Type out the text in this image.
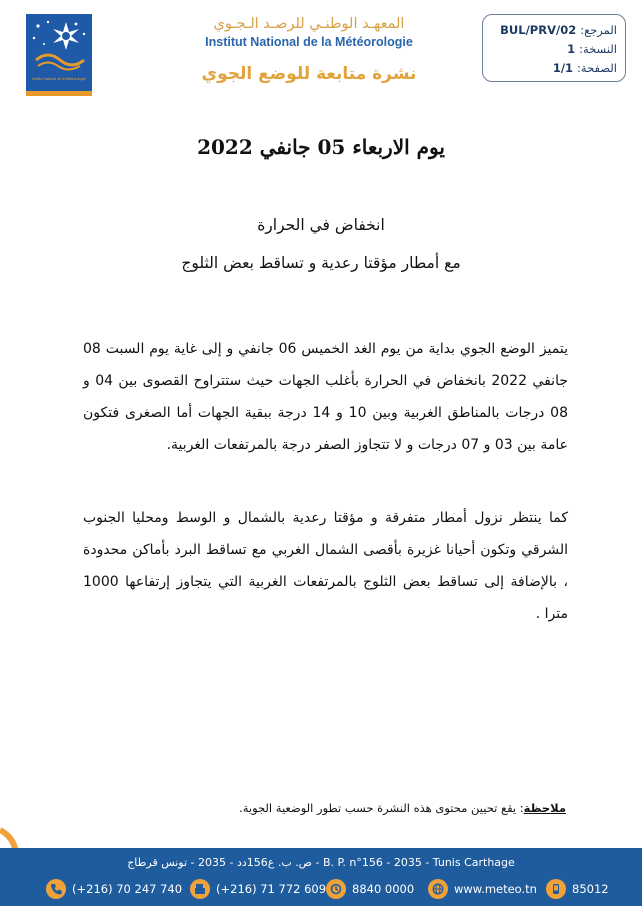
Institut National de la Météorologie
المعهـد الوطنـي للرصـد الـجـوي
Institut National de la Météorologie
نشرة متابعة للوضع الجوي
المرجع:
BUL/PRV/02
النسخة:
1
الصفحة:
1/1
يوم الاربعاء 05 جانفي 2022
انخفاض في الحرارة
مع أمطار مؤقتا رعدية و تساقط بعض الثلوج
يتميز الوضع الجوي بداية من يوم الغد الخميس 06 جانفي و إلى غاية يوم السبت 08 جانفي 2022 بانخفاض في الحرارة بأغلب الجهات حيث ستتراوح القصوى بين 04 و 08 درجات بالمناطق الغربية وبين 10 و 14 درجة ببقية الجهات أما الصغرى فتكون عامة بين 03 و 07 درجات و لا تتجاوز الصفر درجة بالمرتفعات الغربية.
كما ينتظر نزول أمطار متفرقة و مؤقتا رعدية بالشمال و الوسط ومحليا الجنوب الشرقي وتكون أحيانا غزيرة بأقصى الشمال الغربي مع تساقط البرد بأماكن محدودة ، بالإضافة إلى تساقط بعض الثلوج بالمرتفعات الغربية التي يتجاوز إرتفاعها 1000 مترا .
ملاحظة: يقع تحيين محتوى هذه النشرة حسب تطور الوضعية الجوية.
ص. ب. ع156دد - 2035 - تونس قرطاج - B. P. n°156 - 2035 - Tunis Carthage
(+216) 70 247 740	(+216) 71 772 609 8840 0000	www.meteo.tn	85012
